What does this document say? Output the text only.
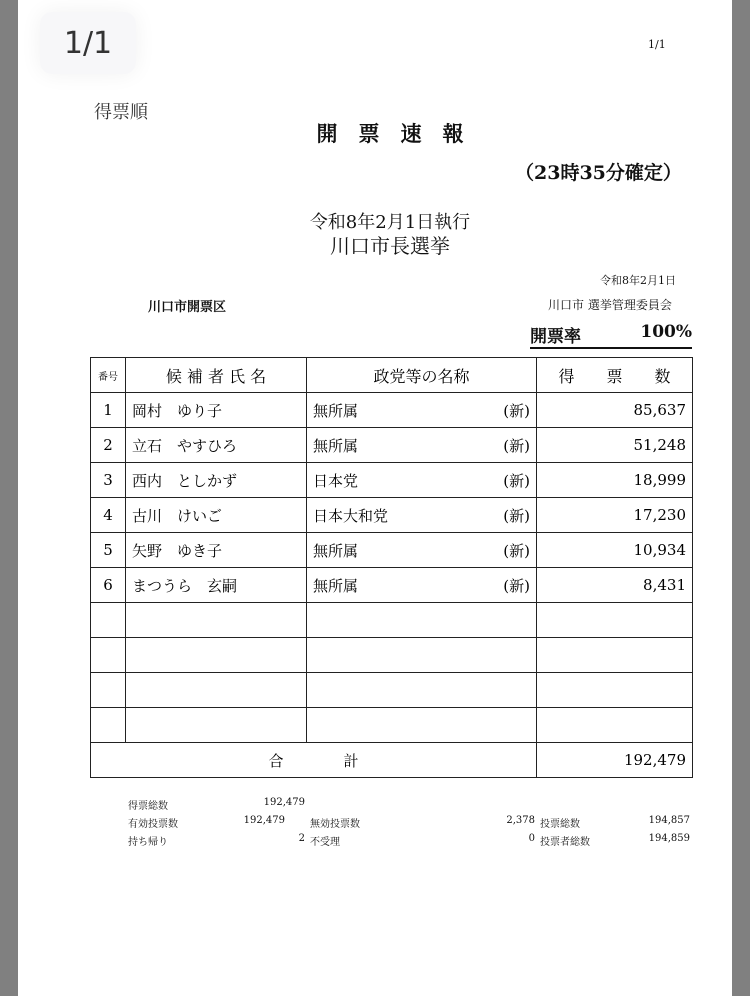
1/1	1/1
得票順
開　票　速　報
（23時35分確定）
令和8年2月1日執行
川口市長選挙
令和8年2月1日
川口市開票区	川口市 選挙管理委員会
開票率	100%
番号	候 補 者 氏 名	政党等の名称	得　　票　　数
1	岡村　ゆり子	無所属 (新)	85,637
2	立石　やすひろ	無所属 (新)	51,248
3	西内　としかず	日本党 (新)	18,999
4	古川　けいご	日本大和党 (新)	17,230
5	矢野　ゆき子	無所属 (新)	10,934
6	まつうら　玄嗣	無所属 (新)	8,431

合　　　　計			192,479
得票総数	192,479
有効投票数	192,479	無効投票数	2,378 投票総数	194,857
持ち帰り	2 不受理	0 投票者総数	194,859
